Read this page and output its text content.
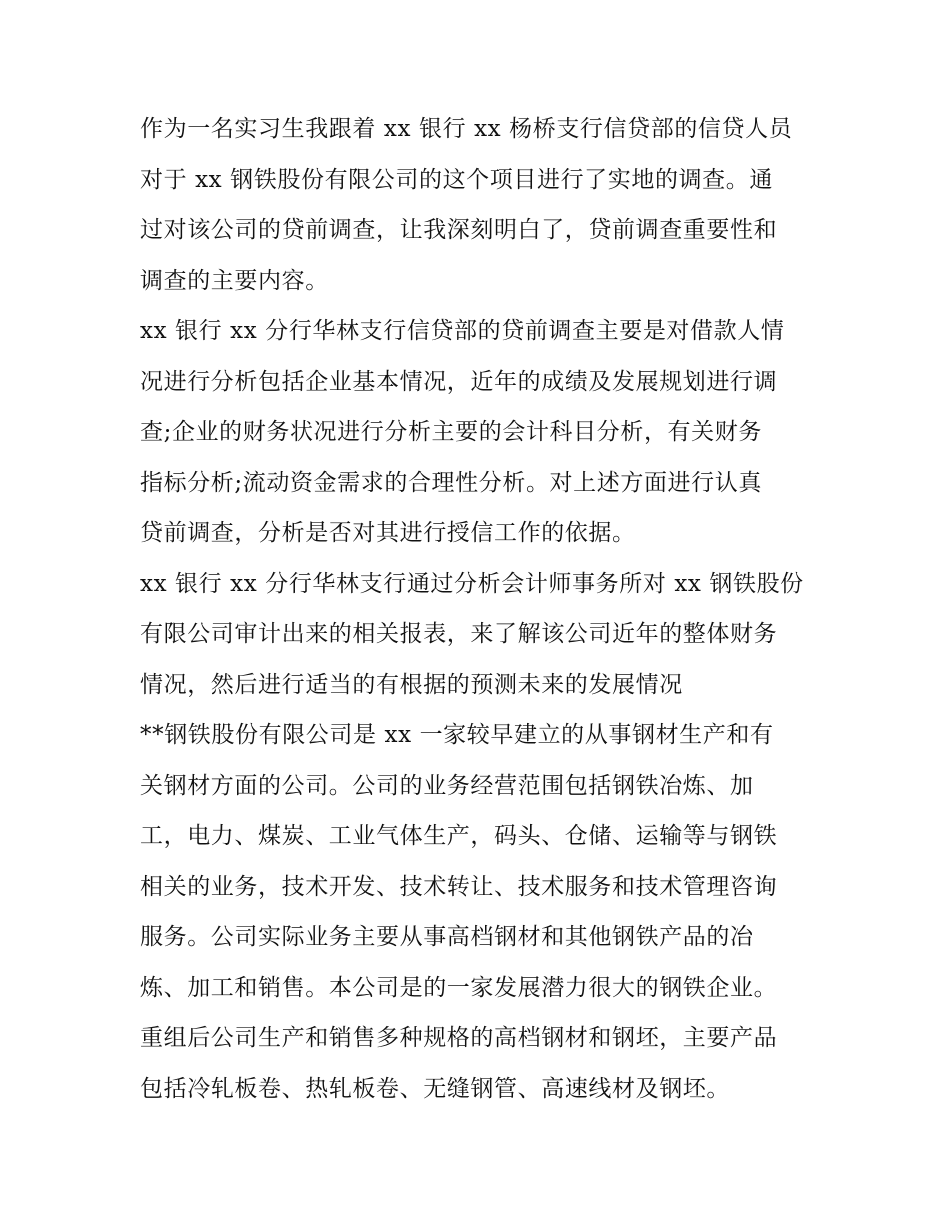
作为一名实习生我跟着 xx 银行 xx 杨桥支行信贷部的信贷人员
对于 xx 钢铁股份有限公司的这个项目进行了实地的调查。通
过对该公司的贷前调查，让我深刻明白了，贷前调查重要性和
调查的主要内容。
xx 银行 xx 分行华林支行信贷部的贷前调查主要是对借款人情
况进行分析包括企业基本情况，近年的成绩及发展规划进行调
查;企业的财务状况进行分析主要的会计科目分析，有关财务
指标分析;流动资金需求的合理性分析。对上述方面进行认真
贷前调查，分析是否对其进行授信工作的依据。
xx 银行 xx 分行华林支行通过分析会计师事务所对 xx 钢铁股份
有限公司审计出来的相关报表，来了解该公司近年的整体财务
情况，然后进行适当的有根据的预测未来的发展情况
**钢铁股份有限公司是 xx 一家较早建立的从事钢材生产和有
关钢材方面的公司。公司的业务经营范围包括钢铁冶炼、加
工，电力、煤炭、工业气体生产，码头、仓储、运输等与钢铁
相关的业务，技术开发、技术转让、技术服务和技术管理咨询
服务。公司实际业务主要从事高档钢材和其他钢铁产品的冶
炼、加工和销售。本公司是的一家发展潜力很大的钢铁企业。
重组后公司生产和销售多种规格的高档钢材和钢坯，主要产品
包括冷轧板卷、热轧板卷、无缝钢管、高速线材及钢坯。
